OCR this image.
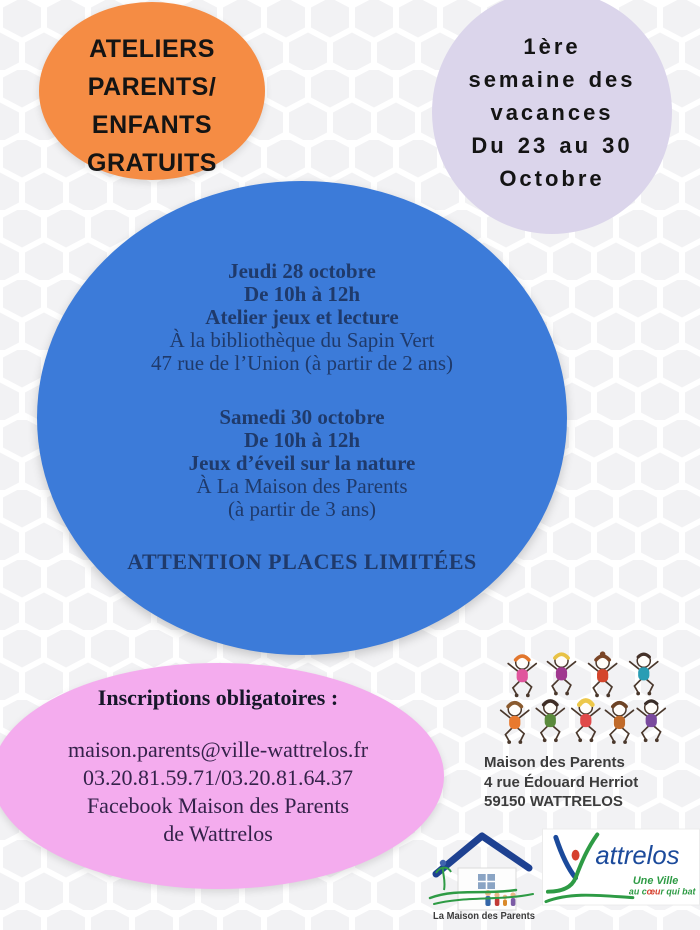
ATELIERS
PARENTS/
ENFANTS
GRATUITS
1ère
semaine des
vacances
Du 23 au 30
Octobre
Jeudi 28 octobre
De 10h à 12h
Atelier jeux et lecture
À la bibliothèque du Sapin Vert
47 rue de l’Union (à partir de 2 ans)
Samedi 30 octobre
De 10h à 12h
Jeux d’éveil sur la nature
À La Maison des Parents
(à partir de 3 ans)
ATTENTION PLACES LIMITÉES
Inscriptions obligatoires :
maison.parents@ville-wattrelos.fr
03.20.81.59.71/03.20.81.64.37
Facebook Maison des Parents
de Wattrelos
Maison des Parents
4 rue Édouard Herriot
59150 WATTRELOS
La Maison des Parents
attrelos
Une Ville
au cœur qui bat
